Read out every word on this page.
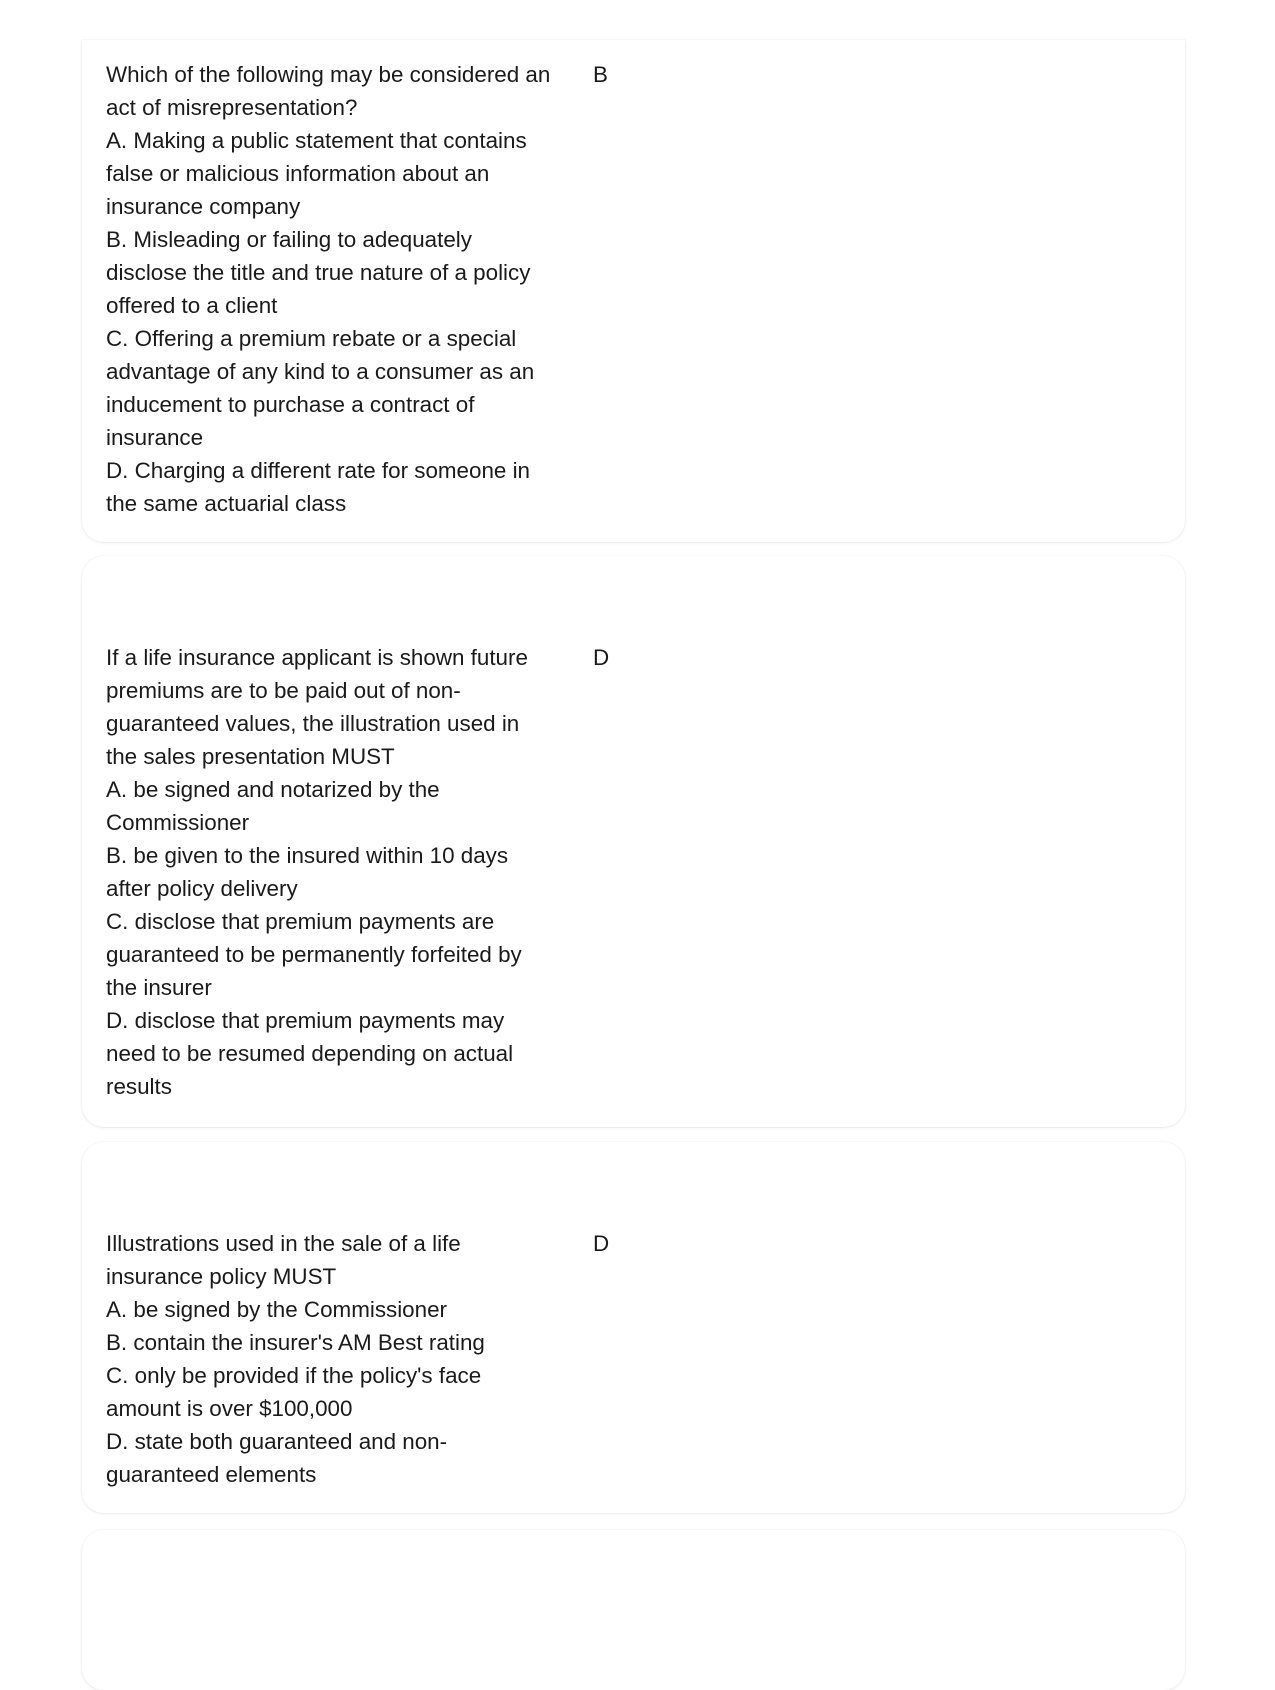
Which of the following may be considered an act of misrepresentation?
A. Making a public statement that contains false or malicious information about an insurance company
B. Misleading or failing to adequately disclose the title and true nature of a policy offered to a client
C. Offering a premium rebate or a special advantage of any kind to a consumer as an inducement to purchase a contract of insurance
D. Charging a different rate for someone in the same actuarial class
B
If a life insurance applicant is shown future premiums are to be paid out of non-guaranteed values, the illustration used in the sales presentation MUST
A. be signed and notarized by the Commissioner
B. be given to the insured within 10 days after policy delivery
C. disclose that premium payments are guaranteed to be permanently forfeited by the insurer
D. disclose that premium payments may need to be resumed depending on actual results
D
Illustrations used in the sale of a life insurance policy MUST
A. be signed by the Commissioner
B. contain the insurer's AM Best rating
C. only be provided if the policy's face amount is over $100,000
D. state both guaranteed and non-guaranteed elements
D
